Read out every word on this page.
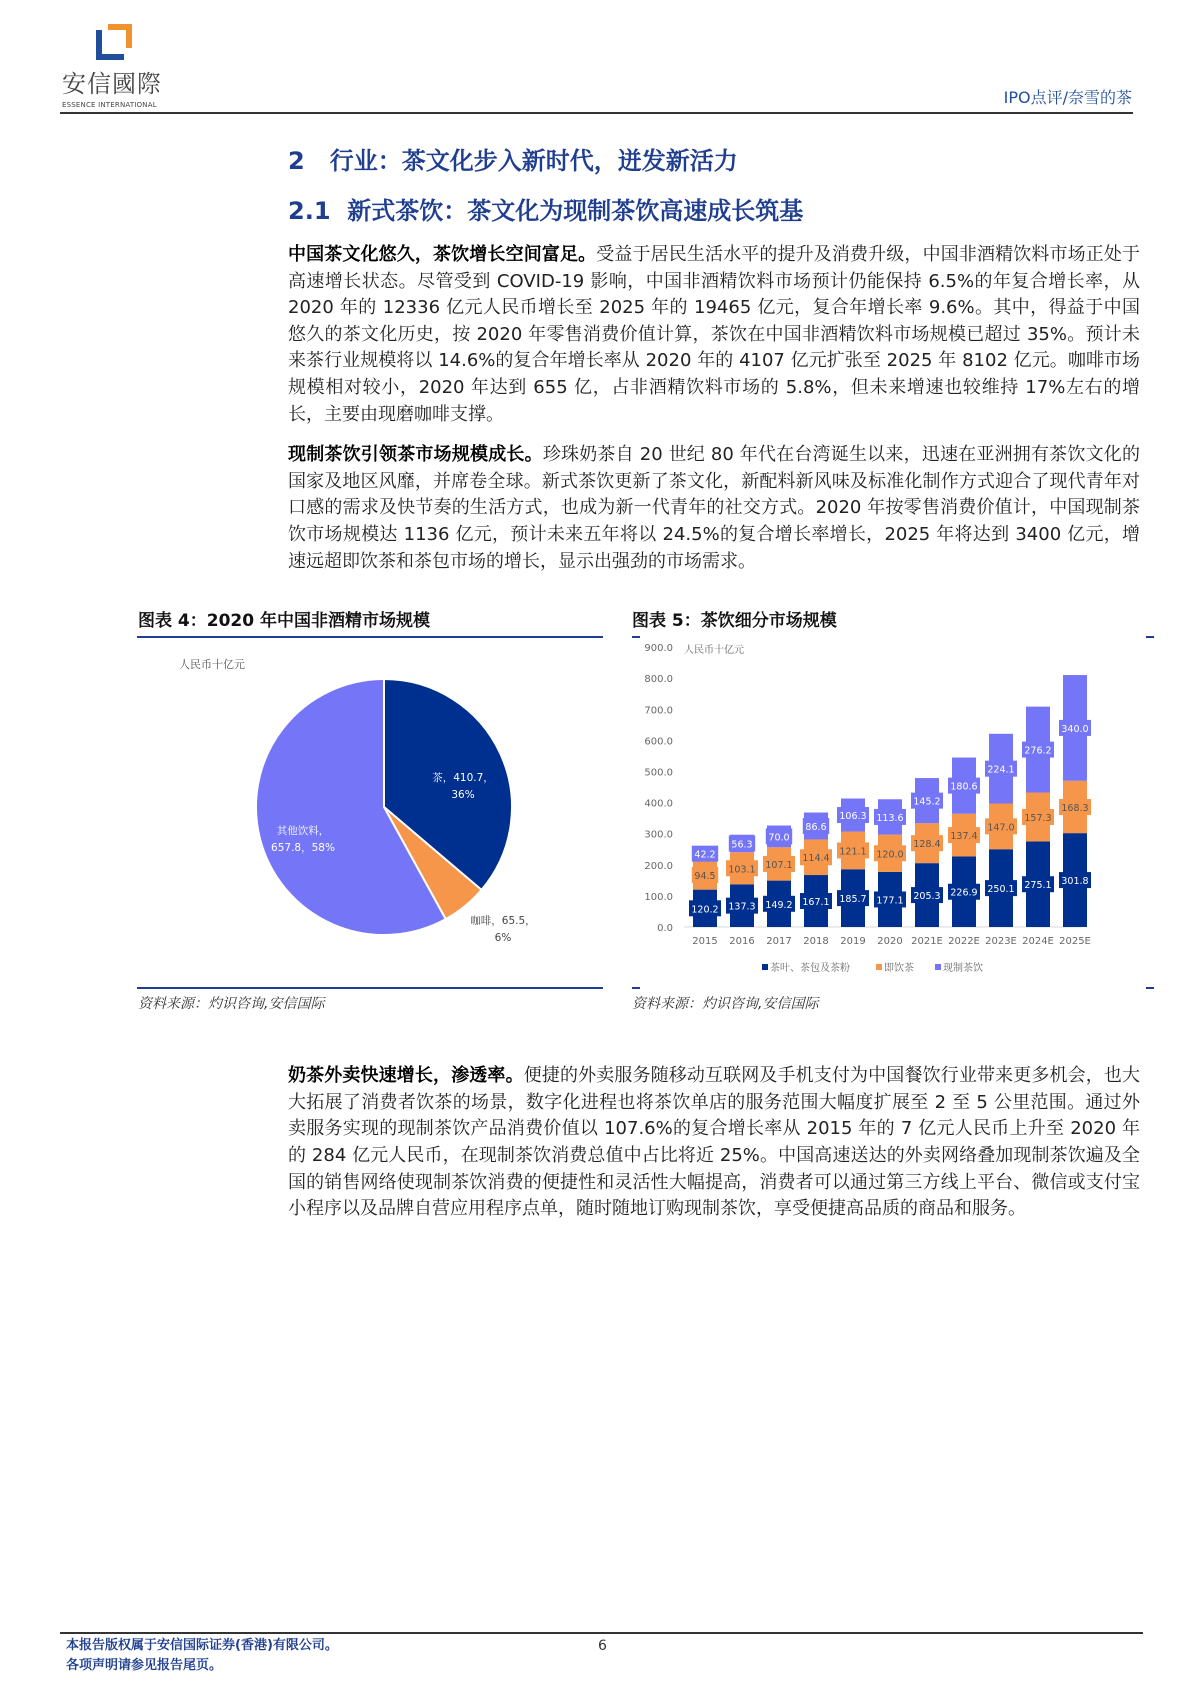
安信國際
ESSENCE INTERNATIONAL	IPO点评/奈雪的茶
2   行业：茶文化步入新时代，迸发新活力
2.1  新式茶饮：茶文化为现制茶饮高速成长筑基
中国茶文化悠久，茶饮增长空间富足。受益于居民生活水平的提升及消费升级，中国非酒精饮料市场正处于高速增长状态。尽管受到 COVID-19 影响，中国非酒精饮料市场预计仍能保持 6.5%的年复合增长率，从 2020 年的 12336 亿元人民币增长至 2025 年的 19465 亿元，复合年增长率 9.6%。其中，得益于中国悠久的茶文化历史，按 2020 年零售消费价值计算，茶饮在中国非酒精饮料市场规模已超过 35%。预计未来茶行业规模将以 14.6%的复合年增长率从 2020 年的 4107 亿元扩张至 2025 年 8102 亿元。咖啡市场规模相对较小，2020 年达到 655 亿，占非酒精饮料市场的 5.8%，但未来增速也较维持 17%左右的增长，主要由现磨咖啡支撑。
现制茶饮引领茶市场规模成长。珍珠奶茶自 20 世纪 80 年代在台湾诞生以来，迅速在亚洲拥有茶饮文化的国家及地区风靡，并席卷全球。新式茶饮更新了茶文化，新配料新风味及标准化制作方式迎合了现代青年对口感的需求及快节奏的生活方式，也成为新一代青年的社交方式。2020 年按零售消费价值计，中国现制茶饮市场规模达 1136 亿元，预计未来五年将以 24.5%的复合增长率增长，2025 年将达到 3400 亿元，增速远超即饮茶和茶包市场的增长，显示出强劲的市场需求。
图表 4：2020 年中国非酒精市场规模
人民币十亿元
茶，410.7，
36%
其他饮料，
657.8，58%
咖啡，65.5，
6%
资料来源：灼识咨询,安信国际
图表 5：茶饮细分市场规模
人民币十亿元
0.0
100.0
200.0
300.0
400.0
500.0
600.0
700.0
800.0
900.0
2015 2016 2017 2018 2019 2020 2021E 2022E 2023E 2024E 2025E
120.2
94.5
42.2
137.3
103.1
56.3
149.2
107.1
70.0
167.1
114.4
86.6
185.7
121.1
106.3
177.1
120.0
113.6
205.3
128.4
145.2
226.9
137.4
180.6
250.1
147.0
224.1
275.1
157.3
276.2
301.8
168.3
340.0
茶叶、茶包及茶粉	即饮茶	现制茶饮
资料来源：灼识咨询,安信国际
奶茶外卖快速增长，渗透率。便捷的外卖服务随移动互联网及手机支付为中国餐饮行业带来更多机会，也大大拓展了消费者饮茶的场景，数字化进程也将茶饮单店的服务范围大幅度扩展至 2 至 5 公里范围。通过外卖服务实现的现制茶饮产品消费价值以 107.6%的复合增长率从 2015 年的 7 亿元人民币上升至 2020 年的 284 亿元人民币，在现制茶饮消费总值中占比将近 25%。中国高速送达的外卖网络叠加现制茶饮遍及全国的销售网络使现制茶饮消费的便捷性和灵活性大幅提高，消费者可以通过第三方线上平台、微信或支付宝小程序以及品牌自营应用程序点单，随时随地订购现制茶饮，享受便捷高品质的商品和服务。
本报告版权属于安信国际证券(香港)有限公司。
各项声明请参见报告尾页。
6
